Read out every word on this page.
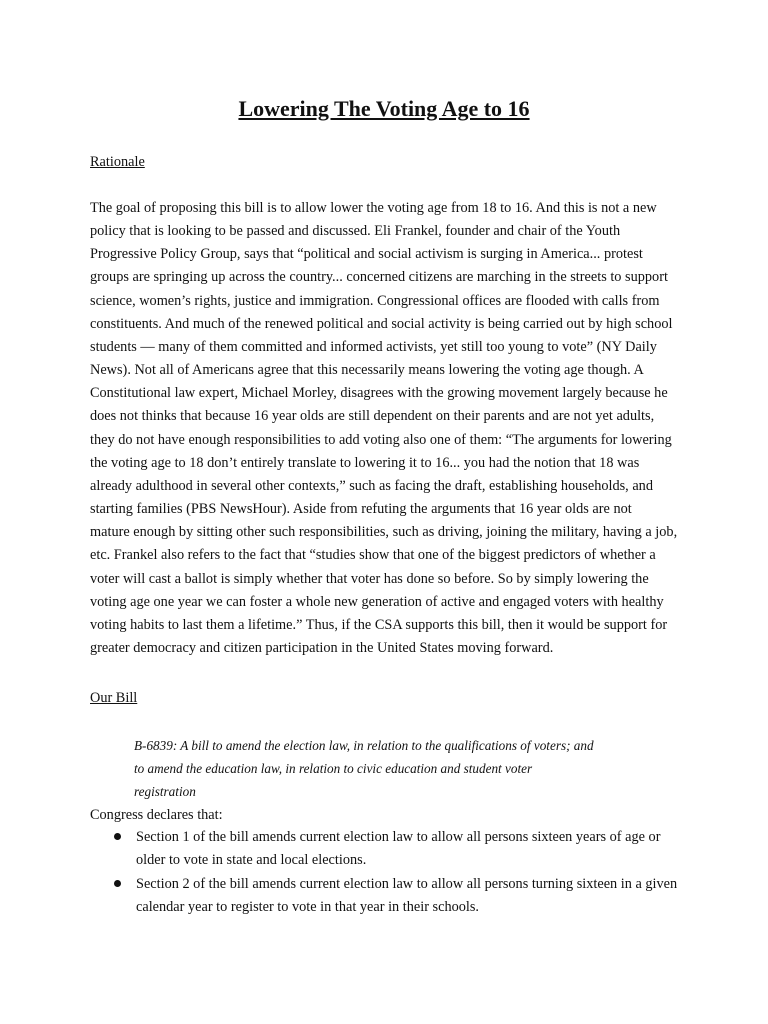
Lowering The Voting Age to 16
Rationale
The goal of proposing this bill is to allow lower the voting age from 18 to 16. And this is not a new
policy that is looking to be passed and discussed. Eli Frankel, founder and chair of the Youth
Progressive Policy Group, says that “political and social activism is surging in America... protest
groups are springing up across the country... concerned citizens are marching in the streets to support
science, women’s rights, justice and immigration. Congressional offices are flooded with calls from
constituents. And much of the renewed political and social activity is being carried out by high school
students — many of them committed and informed activists, yet still too young to vote” (NY Daily
News). Not all of Americans agree that this necessarily means lowering the voting age though. A
Constitutional law expert, Michael Morley, disagrees with the growing movement largely because he
does not thinks that because 16 year olds are still dependent on their parents and are not yet adults,
they do not have enough responsibilities to add voting also one of them: “The arguments for lowering
the voting age to 18 don’t entirely translate to lowering it to 16... you had the notion that 18 was
already adulthood in several other contexts,” such as facing the draft, establishing households, and
starting families (PBS NewsHour). Aside from refuting the arguments that 16 year olds are not
mature enough by sitting other such responsibilities, such as driving, joining the military, having a job,
etc. Frankel also refers to the fact that “studies show that one of the biggest predictors of whether a
voter will cast a ballot is simply whether that voter has done so before. So by simply lowering the
voting age one year we can foster a whole new generation of active and engaged voters with healthy
voting habits to last them a lifetime.” Thus, if the CSA supports this bill, then it would be support for
greater democracy and citizen participation in the United States moving forward.
Our Bill
B-6839: A bill to amend the election law, in relation to the qualifications of voters; and
to amend the education law, in relation to civic education and student voter
registration

Congress declares that:

Section 1 of the bill amends current election law to allow all persons sixteen years of age or
older to vote in state and local elections.
Section 2 of the bill amends current election law to allow all persons turning sixteen in a given
calendar year to register to vote in that year in their schools.
